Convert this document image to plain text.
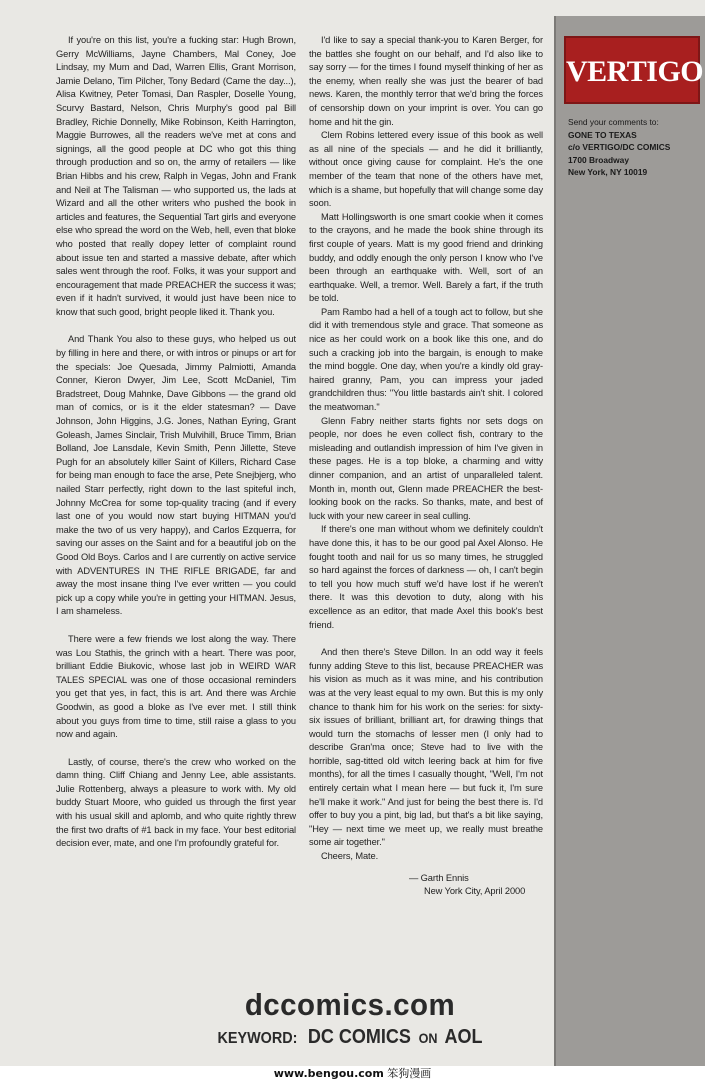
If you're on this list, you're a fucking star: Hugh Brown, Gerry McWilliams, Jayne Chambers, Mal Coney, Joe Lindsay, my Mum and Dad, Warren Ellis, Grant Morrison, Jamie Delano, Tim Pilcher, Tony Bedard (Came the day...), Alisa Kwitney, Peter Tomasi, Dan Raspler, Doselle Young, Scurvy Bastard, Nelson, Chris Murphy's good pal Bill Bradley, Richie Donnelly, Mike Robinson, Keith Harrington, Maggie Burrowes, all the readers we've met at cons and signings, all the good people at DC who got this thing through production and so on, the army of retailers — like Brian Hibbs and his crew, Ralph in Vegas, John and Frank and Neil at The Talisman — who supported us, the lads at Wizard and all the other writers who pushed the book in articles and features, the Sequential Tart girls and everyone else who spread the word on the Web, hell, even that bloke who posted that really dopey letter of complaint round about issue ten and started a massive debate, after which sales went through the roof. Folks, it was your support and encouragement that made PREACHER the success it was; even if it hadn't survived, it would just have been nice to know that such good, bright people liked it. Thank you.

And Thank You also to these guys, who helped us out by filling in here and there, or with intros or pinups or art for the specials: Joe Quesada, Jimmy Palmiotti, Amanda Conner, Kieron Dwyer, Jim Lee, Scott McDaniel, Tim Bradstreet, Doug Mahnke, Dave Gibbons — the grand old man of comics, or is it the elder statesman? — Dave Johnson, John Higgins, J.G. Jones, Nathan Eyring, Grant Goleash, James Sinclair, Trish Mulvihill, Bruce Timm, Brian Bolland, Joe Lansdale, Kevin Smith, Penn Jillette, Steve Pugh for an absolutely killer Saint of Killers, Richard Case for being man enough to face the arse, Pete Snejbjerg, who nailed Starr perfectly, right down to the last spiteful inch, Johnny McCrea for some top-quality tracing (and if every last one of you would now start buying HITMAN you'd make the two of us very happy), and Carlos Ezquerra, for saving our asses on the Saint and for a beautiful job on the Good Old Boys. Carlos and I are currently on active service with ADVENTURES IN THE RIFLE BRIGADE, far and away the most insane thing I've ever written — you could pick up a copy while you're in getting your HITMAN. Jesus, I am shameless.

There were a few friends we lost along the way. There was Lou Stathis, the grinch with a heart. There was poor, brilliant Eddie Biukovic, whose last job in WEIRD WAR TALES SPECIAL was one of those occasional reminders you get that yes, in fact, this is art. And there was Archie Goodwin, as good a bloke as I've ever met. I still think about you guys from time to time, still raise a glass to you now and again.

Lastly, of course, there's the crew who worked on the damn thing. Cliff Chiang and Jenny Lee, able assistants. Julie Rottenberg, always a pleasure to work with. My old buddy Stuart Moore, who guided us through the first year with his usual skill and aplomb, and who quite rightly threw the first two drafts of #1 back in my face. Your best editorial decision ever, mate, and one I'm profoundly grateful for.

I'd like to say a special thank-you to Karen Berger, for the battles she fought on our behalf, and I'd also like to say sorry — for the times I found myself thinking of her as the enemy, when really she was just the bearer of bad news. Karen, the monthly terror that we'd bring the forces of censorship down on your imprint is over. You can go home and hit the gin.

Clem Robins lettered every issue of this book as well as all nine of the specials — and he did it brilliantly, without once giving cause for complaint. He's the one member of the team that none of the others have met, which is a shame, but hopefully that will change some day soon.

Matt Hollingsworth is one smart cookie when it comes to the crayons, and he made the book shine through its first couple of years. Matt is my good friend and drinking buddy, and oddly enough the only person I know who I've been through an earthquake with. Well, sort of an earthquake. Well, a tremor. Well. Barely a fart, if the truth be told.

Pam Rambo had a hell of a tough act to follow, but she did it with tremendous style and grace. That someone as nice as her could work on a book like this one, and do such a cracking job into the bargain, is enough to make the mind boggle. One day, when you're a kindly old gray-haired granny, Pam, you can impress your jaded grandchildren thus: "You little bastards ain't shit. I colored the meatwoman."

Glenn Fabry neither starts fights nor sets dogs on people, nor does he even collect fish, contrary to the misleading and outlandish impression of him I've given in these pages. He is a top bloke, a charming and witty dinner companion, and an artist of unparalleled talent. Month in, month out, Glenn made PREACHER the best-looking book on the racks. So thanks, mate, and best of luck with your new career in seal culling.

If there's one man without whom we definitely couldn't have done this, it has to be our good pal Axel Alonso. He fought tooth and nail for us so many times, he struggled so hard against the forces of darkness — oh, I can't begin to tell you how much stuff we'd have lost if he weren't there. It was this devotion to duty, along with his excellence as an editor, that made Axel this book's best friend.

And then there's Steve Dillon. In an odd way it feels funny adding Steve to this list, because PREACHER was his vision as much as it was mine, and his contribution was at the very least equal to my own. But this is my only chance to thank him for his work on the series: for sixty-six issues of brilliant, brilliant art, for drawing things that would turn the stomachs of lesser men (I only had to describe Gran'ma once; Steve had to live with the horrible, sag-titted old witch leering back at him for five months), for all the times I casually thought, "Well, I'm not entirely certain what I mean here — but fuck it, I'm sure he'll make it work." And just for being the best there is. I'd offer to buy you a pint, big lad, but that's a bit like saying, "Hey — next time we meet up, we really must breathe some air together."

Cheers, Mate.

— Garth Ennis
New York City, April 2000
VERTIGO
Send your comments to:
GONE TO TEXAS
c/o VERTIGO/DC COMICS
1700 Broadway
New York, NY 10019
dccomics.com
KEYWORD: DC COMICS ON AOL
www.bengou.com 笨狗漫画
